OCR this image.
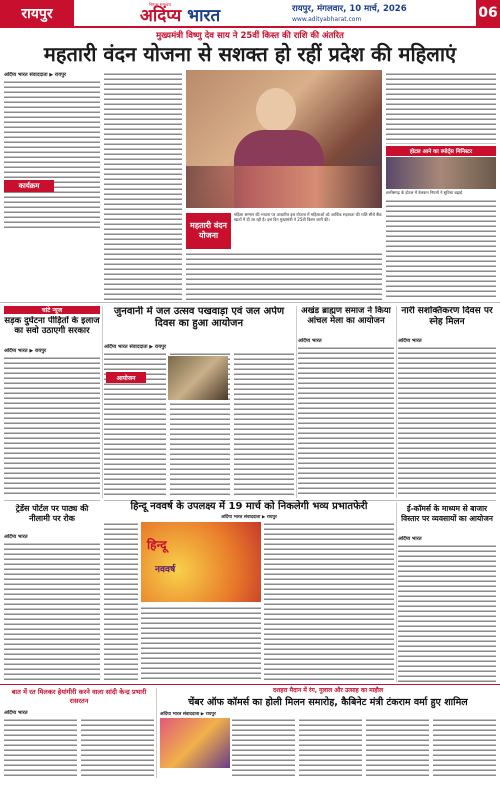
रायपुर
निष्पक्ष समाचार
अदिंप्य भारत	रायपुर, मंगलवार, 10 मार्च, 2026
www.adityabharat.com	06
मुख्यमंत्री विष्णु देव साय ने 25वीं किस्त की राशि की अंतरित
महतारी वंदन योजना से सशक्त हो रहीं प्रदेश की महिलाएं
अदिंप्य भारत संवाददाता ▶ रायपुर
कार्यक्रम
महतारी वंदन योजना
महिला सम्मान की भावना पर आधारित इस योजना में महिलाओं को आर्थिक सहायता की राशि सीधे बैंक खातों में दी जा रही है। इस दिन मुख्यमंत्री ने 25वीं किस्त जारी की।
होटल आने का स्पोर्ट्स मिनिस्टर
छत्तीसगढ़ के होटल में वेलकम नियमों ने सुविधा बढ़ाई
चांटे न्यूज
सड़क दुर्घटना पीड़ितों के इलाज का सवो उठाएगी सरकार
अदिंप्य भारत ▶ रायपुर
जुनवानी में जल उत्सव पखवाड़ा एवं जल अर्पण दिवस का हुआ आयोजन
अदिंप्य भारत संवाददाता ▶ रायपुर
आयोजन
अखंड ब्राह्मण समाज ने किया आंचल मेला का आयोजन
अदिंप्य भारत
नारी सशक्तिकरण दिवस पर स्नेह मिलन
अदिंप्य भारत
हिन्दू नववर्ष के उपलक्ष्य में 19 मार्च को निकलेगी भव्य प्रभातफेरी
अदिंप्य भारत संवाददाता ▶ रायपुर
हिन्दू
नववर्ष
ट्रेडेंस पोर्टल पर पाठ्य की नीलामी पर रोक
अदिंप्य भारत
ई-कॉमर्स के माध्यम से बाजार विस्तार पर व्यवसायों का आयोजन
अदिंप्य भारत
बात में रत मिलकर हेयांगीरी करने वाला सांदी केन्द्र प्रभारी रासरतन
अदिंप्य भारत
दशहरा मैदान में रंग, गुलाल और उत्साह का माहौल
चेंबर ऑफ कॉमर्स का होली मिलन समारोह, कैबिनेट मंत्री टंकराम वर्मा हुए शामिल
अदिंप्य भारत संवाददाता ▶ रायपुर
